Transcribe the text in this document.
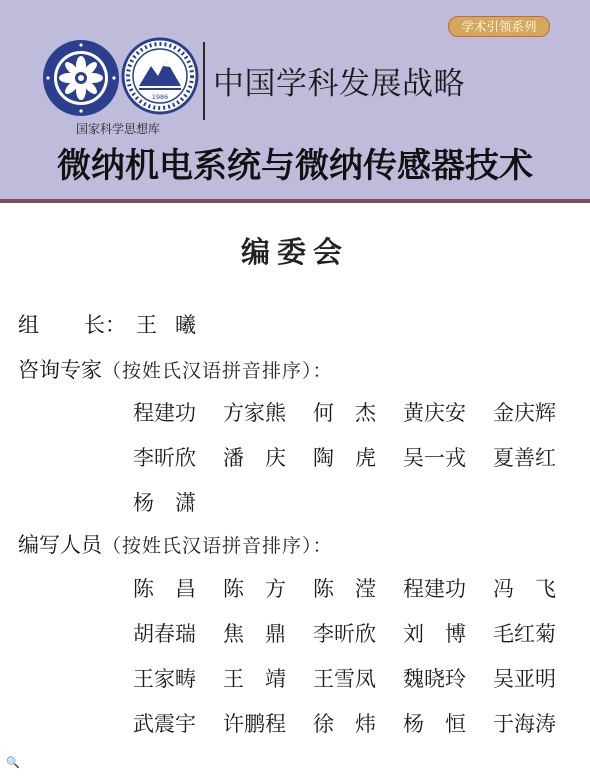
学术引领系列
1986
国家科学思想库
中国学科发展战略
微纳机电系统与微纳传感器技术
编委会
组 长： 王曦
咨询专家（按姓氏汉语拼音排序）：
程建功	方家熊	何　杰	黄庆安	金庆辉
李昕欣	潘　庆	陶　虎	吴一戎	夏善红
杨　潇
编写人员（按姓氏汉语拼音排序）：
陈　昌	陈　方	陈　滢	程建功	冯　飞
胡春瑞	焦　鼎	李昕欣	刘　博	毛红菊
王家畴	王　靖	王雪凤	魏晓玲	吴亚明
武震宇	许鹏程	徐　炜	杨　恒	于海涛
🔍
